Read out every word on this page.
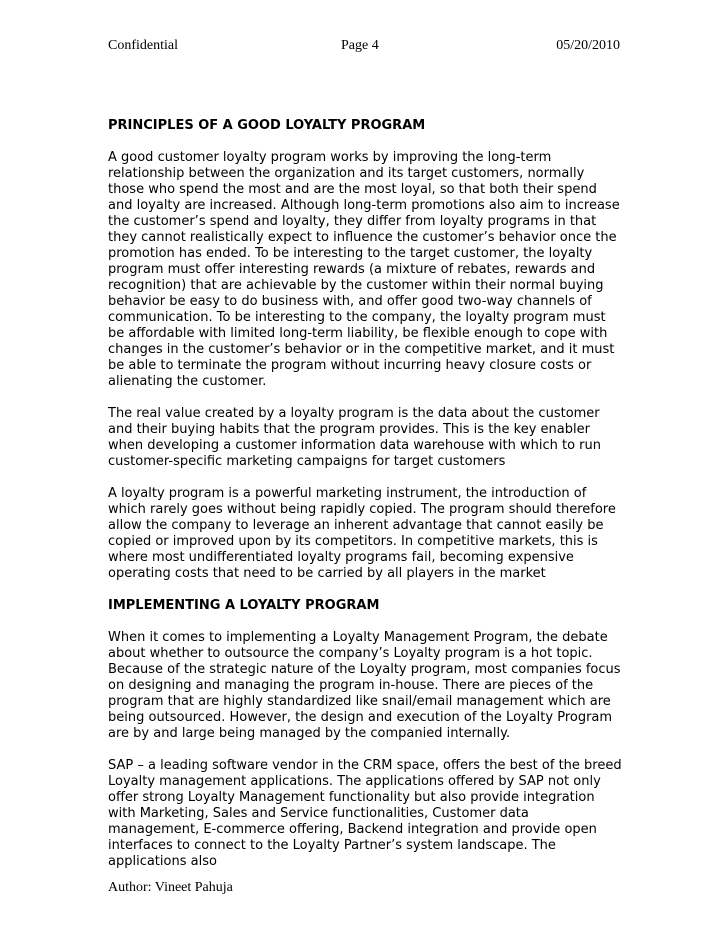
Confidential	Page 4	05/20/2010

PRINCIPLES OF A GOOD LOYALTY PROGRAM

A good customer loyalty program works by improving the long-term relationship between the organization and its target customers, normally those who spend the most and are the most loyal, so that both their spend and loyalty are increased. Although long-term promotions also aim to increase the customer’s spend and loyalty, they differ from loyalty programs in that they cannot realistically expect to influence the customer’s behavior once the promotion has ended. To be interesting to the target customer, the loyalty program must offer interesting rewards (a mixture of rebates, rewards and recognition) that are achievable by the customer within their normal buying behavior be easy to do business with, and offer good two-way channels of communication. To be interesting to the company, the loyalty program must be affordable with limited long-term liability, be flexible enough to cope with changes in the customer’s behavior or in the competitive market, and it must be able to terminate the program without incurring heavy closure costs or alienating the customer.

The real value created by a loyalty program is the data about the customer and their buying habits that the program provides. This is the key enabler when developing a customer information data warehouse with which to run customer-specific marketing campaigns for target customers

A loyalty program is a powerful marketing instrument, the introduction of which rarely goes without being rapidly copied. The program should therefore allow the company to leverage an inherent advantage that cannot easily be copied or improved upon by its competitors. In competitive markets, this is where most undifferentiated loyalty programs fail, becoming expensive operating costs that need to be carried by all players in the market

IMPLEMENTING A LOYALTY PROGRAM

When it comes to implementing a Loyalty Management Program, the debate about whether to outsource the company’s Loyalty program is a hot topic. Because of the strategic nature of the Loyalty program, most companies focus on designing and managing the program in-house. There are pieces of the program that are highly standardized like snail/email management which are being outsourced. However, the design and execution of the Loyalty Program are by and large being managed by the companied internally.

SAP – a leading software vendor in the CRM space, offers the best of the breed Loyalty management applications. The applications offered by SAP not only offer strong Loyalty Management functionality but also provide integration with Marketing, Sales and Service functionalities, Customer data management, E-commerce offering, Backend integration and provide open interfaces to connect to the Loyalty Partner’s system landscape. The applications also

Author: Vineet Pahuja
